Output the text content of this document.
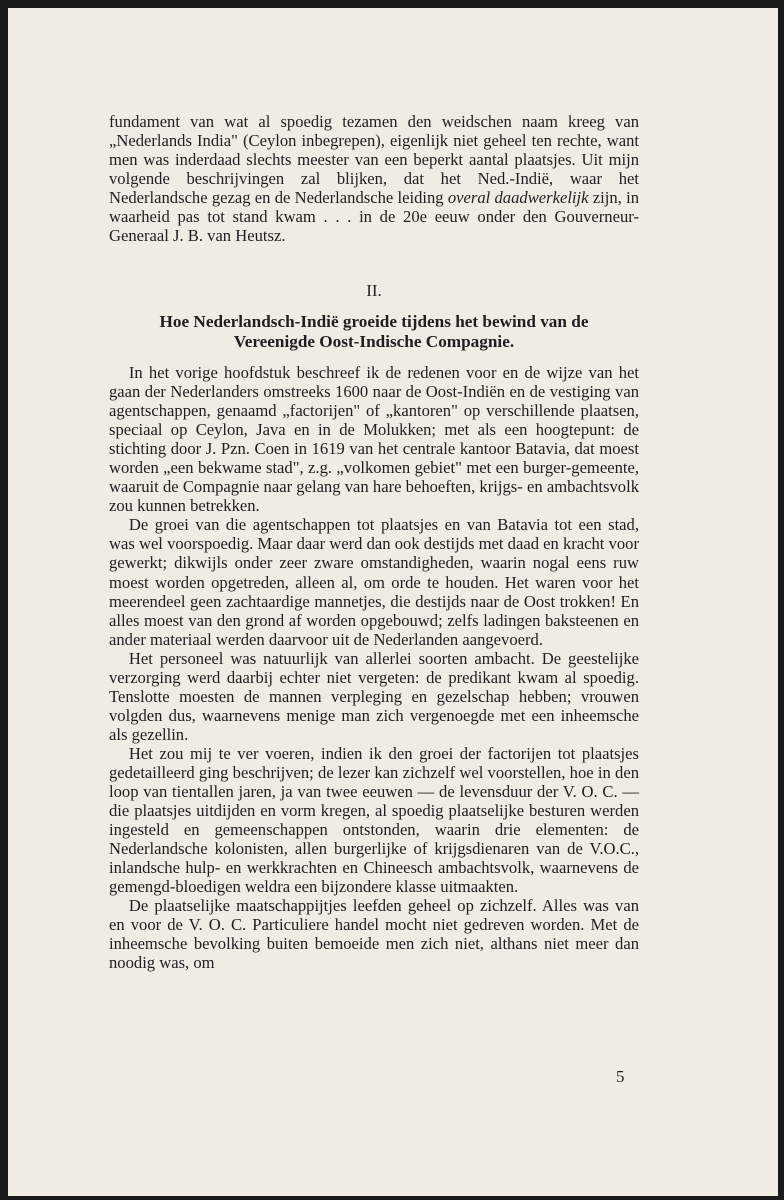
fundament van wat al spoedig tezamen den weidschen naam kreeg van „Nederlands India" (Ceylon inbegrepen), eigenlijk niet geheel ten rechte, want men was inderdaad slechts meester van een beperkt aantal plaatsjes. Uit mijn volgende beschrijvingen zal blijken, dat het Ned.-Indië, waar het Nederlandsche gezag en de Nederlandsche leiding overal daadwerkelijk zijn, in waarheid pas tot stand kwam . . . in de 20e eeuw onder den Gouverneur-Generaal J. B. van Heutsz.

II.
Hoe Nederlandsch-Indië groeide tijdens het bewind van de
Vereenigde Oost-Indische Compagnie.

In het vorige hoofdstuk beschreef ik de redenen voor en de wijze van het gaan der Nederlanders omstreeks 1600 naar de Oost-Indiën en de vestiging van agentschappen, genaamd „factorijen" of „kantoren" op verschillende plaatsen, speciaal op Ceylon, Java en in de Molukken; met als een hoogtepunt: de stichting door J. Pzn. Coen in 1619 van het centrale kantoor Batavia, dat moest worden „een bekwame stad", z.g. „volkomen gebiet" met een burger-gemeente, waaruit de Compagnie naar gelang van hare behoeften, krijgs- en ambachtsvolk zou kunnen betrekken.

De groei van die agentschappen tot plaatsjes en van Batavia tot een stad, was wel voorspoedig. Maar daar werd dan ook destijds met daad en kracht voor gewerkt; dikwijls onder zeer zware omstandigheden, waarin nogal eens ruw moest worden opgetreden, alleen al, om orde te houden. Het waren voor het meerendeel geen zachtaardige mannetjes, die destijds naar de Oost trokken! En alles moest van den grond af worden opgebouwd; zelfs ladingen baksteenen en ander materiaal werden daarvoor uit de Nederlanden aangevoerd.

Het personeel was natuurlijk van allerlei soorten ambacht. De geestelijke verzorging werd daarbij echter niet vergeten: de predikant kwam al spoedig. Tenslotte moesten de mannen verpleging en gezelschap hebben; vrouwen volgden dus, waarnevens menige man zich vergenoegde met een inheemsche als gezellin.

Het zou mij te ver voeren, indien ik den groei der factorijen tot plaatsjes gedetailleerd ging beschrijven; de lezer kan zichzelf wel voorstellen, hoe in den loop van tientallen jaren, ja van twee eeuwen — de levensduur der V. O. C. — die plaatsjes uitdijden en vorm kregen, al spoedig plaatselijke besturen werden ingesteld en gemeenschappen ontstonden, waarin drie elementen: de Nederlandsche kolonisten, allen burgerlijke of krijgsdienaren van de V.O.C., inlandsche hulp- en werkkrachten en Chineesch ambachtsvolk, waarnevens de gemengd-bloedigen weldra een bijzondere klasse uitmaakten.

De plaatselijke maatschappijtjes leefden geheel op zichzelf. Alles was van en voor de V. O. C. Particuliere handel mocht niet gedreven worden. Met de inheemsche bevolking buiten bemoeide men zich niet, althans niet meer dan noodig was, om

5
